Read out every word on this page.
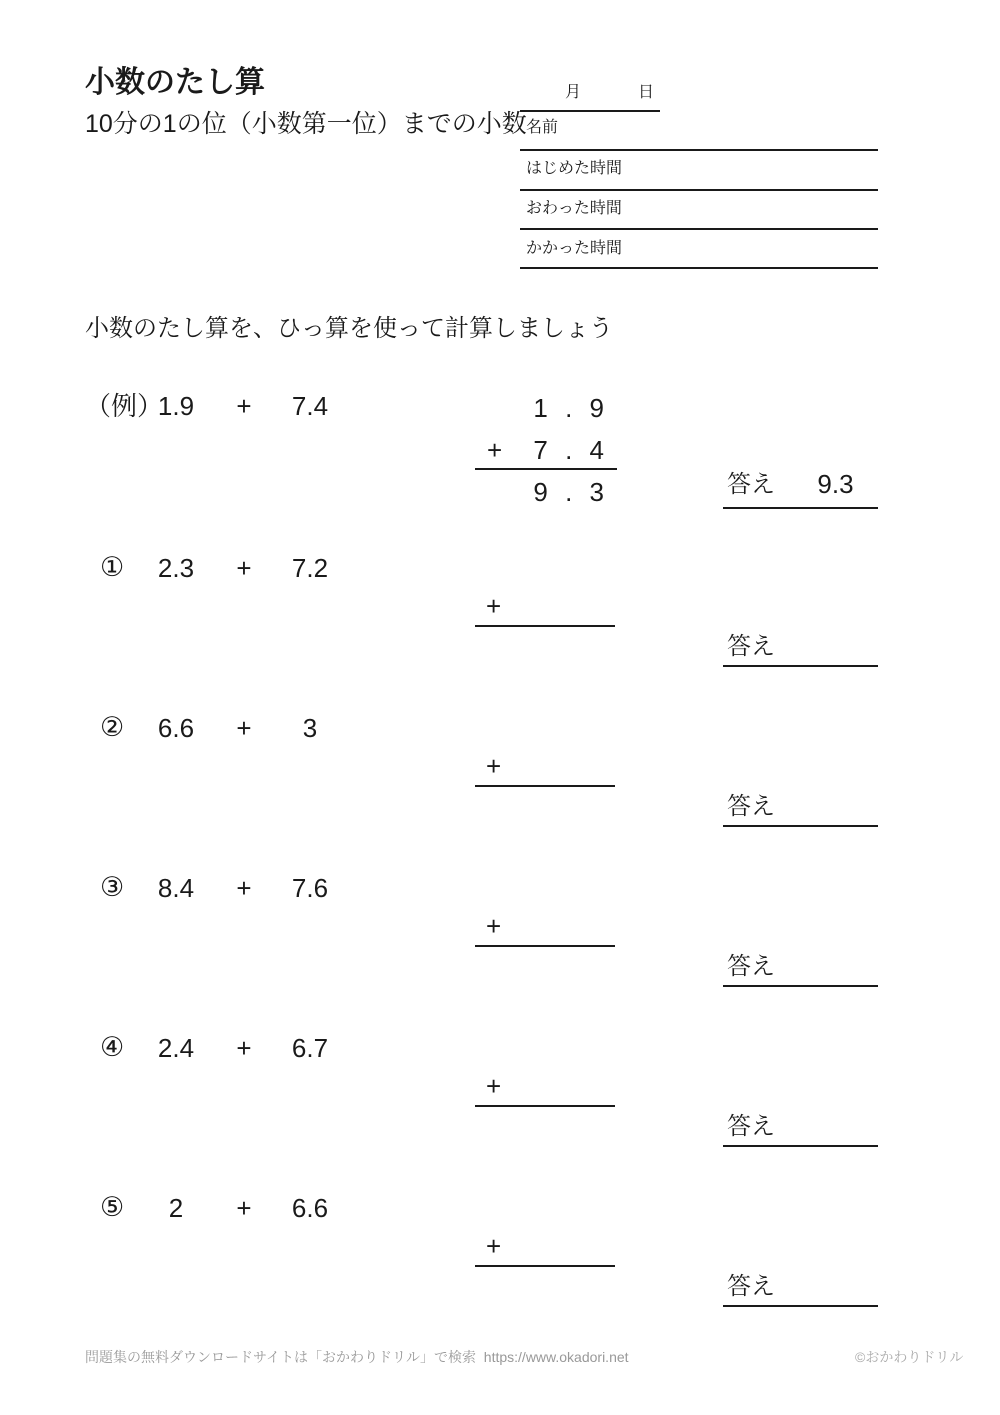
小数のたし算
10分の1の位（小数第一位）までの小数
月	日
名前
はじめた時間
おわった時間
かかった時間
小数のたし算を、ひっ算を使って計算しましょう
（例）
1.9	+	7.4	1 . 9
+	7 . 4
9 . 3	答え	9.3
①	2.3	+	7.2
+
答え
②	6.6	+	3
+
答え
③	8.4	+	7.6
+
答え
④	2.4	+	6.7
+
答え
⑤	2	+	6.6
+
答え
問題集の無料ダウンロードサイトは「おかわりドリル」で検索  https://www.okadori.net	©おかわりドリル
